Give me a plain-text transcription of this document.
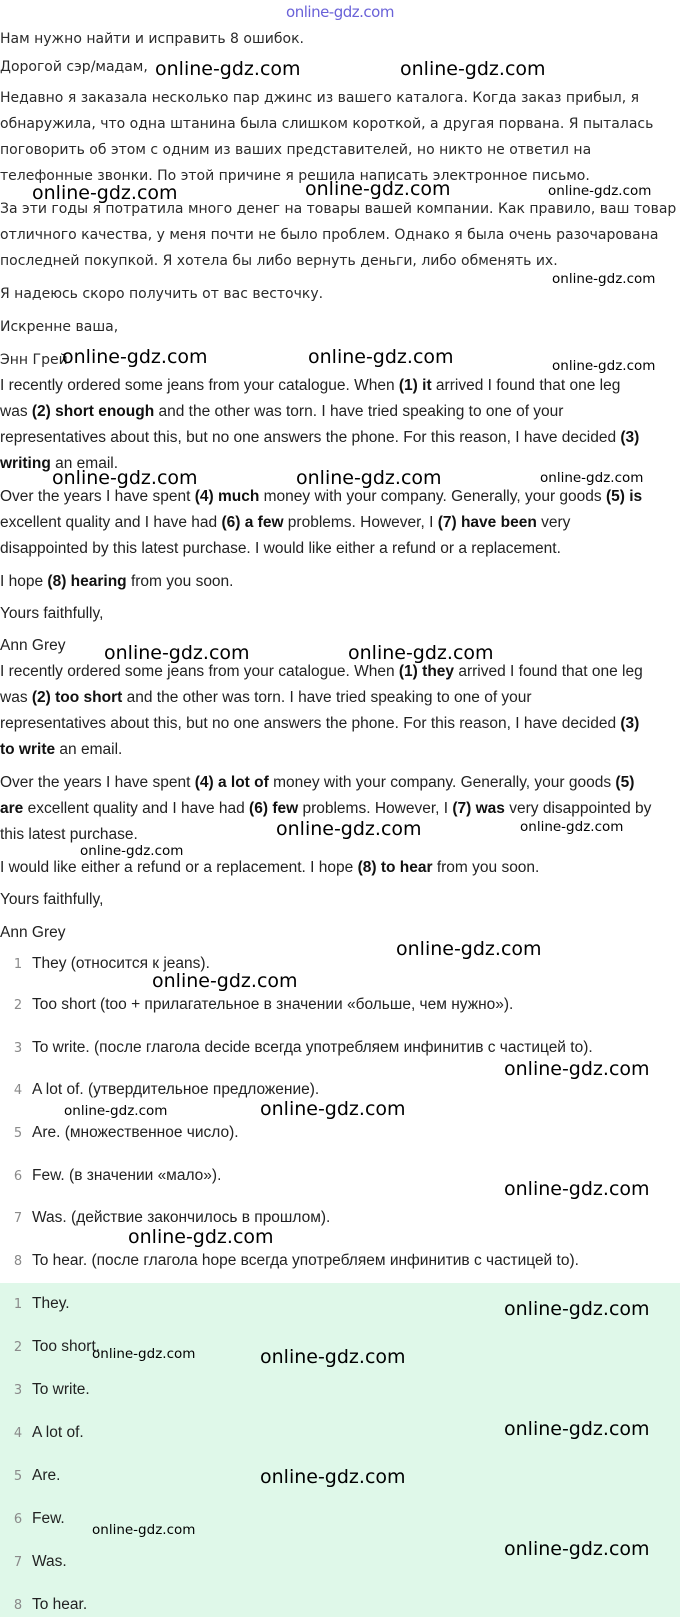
online-gdz.com
Нам нужно найти и исправить 8 ошибок.
Дорогой сэр/мадам,
Недавно я заказала несколько пар джинс из вашего каталога. Когда заказ прибыл, я
обнаружила, что одна штанина была слишком короткой, а другая порвана. Я пыталась
поговорить об этом с одним из ваших представителей, но никто не ответил на
телефонные звонки. По этой причине я решила написать электронное письмо.
За эти годы я потратила много денег на товары вашей компании. Как правило, ваш товар
отличного качества, у меня почти не было проблем. Однако я была очень разочарована
последней покупкой. Я хотела бы либо вернуть деньги, либо обменять их.
Я надеюсь скоро получить от вас весточку.
Искренне ваша,
Энн Грей
I recently ordered some jeans from your catalogue. When (1) it arrived I found that one leg
was (2) short enough and the other was torn. I have tried speaking to one of your
representatives about this, but no one answers the phone. For this reason, I have decided (3)
writing an email.
Over the years I have spent (4) much money with your company. Generally, your goods (5) is
excellent quality and I have had (6) a few problems. However, I (7) have been very
disappointed by this latest purchase. I would like either a refund or a replacement.
I hope (8) hearing from you soon.
Yours faithfully,
Ann Grey
I recently ordered some jeans from your catalogue. When (1) they arrived I found that one leg
was (2) too short and the other was torn. I have tried speaking to one of your
representatives about this, but no one answers the phone. For this reason, I have decided (3)
to write an email.
Over the years I have spent (4) a lot of money with your company. Generally, your goods (5)
are excellent quality and I have had (6) few problems. However, I (7) was very disappointed by
this latest purchase.
I would like either a refund or a replacement. I hope (8) to hear from you soon.
Yours faithfully,
Ann Grey
1 They (относится к jeans).
2 Too short (too + прилагательное в значении «больше, чем нужно»).
3 To write. (после глагола decide всегда употребляем инфинитив с частицей to).
4 A lot of. (утвердительное предложение).
5 Are. (множественное число).
6 Few. (в значении «мало»).
7 Was. (действие закончилось в прошлом).
8 To hear. (после глагола hope всегда употребляем инфинитив с частицей to).
1 They.
2 Too short.
3 To write.
4 A lot of.
5 Are.
6 Few.
7 Was.
8 To hear.
online-gdz.com	online-gdz.com
online-gdz.com	online-gdz.com	online-gdz.com
online-gdz.com
online-gdz.com	online-gdz.com	online-gdz.com
online-gdz.com	online-gdz.com	online-gdz.com
online-gdz.com	online-gdz.com
online-gdz.com	online-gdz.com
online-gdz.com
online-gdz.com
online-gdz.com
online-gdz.com
online-gdz.com	online-gdz.com
online-gdz.com
online-gdz.com
online-gdz.com
online-gdz.com	online-gdz.com
online-gdz.com
online-gdz.com
online-gdz.com
online-gdz.com
